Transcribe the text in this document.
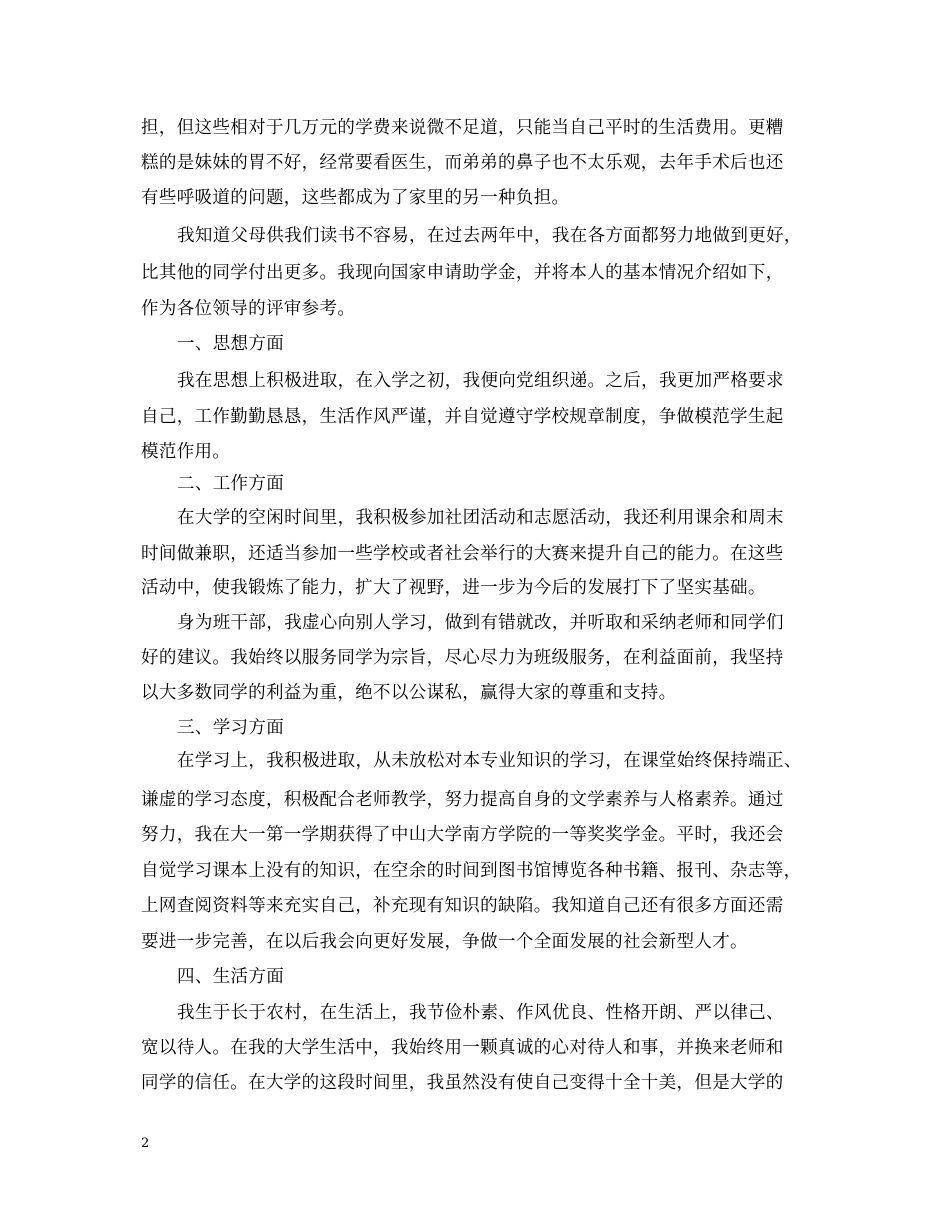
担，但这些相对于几万元的学费来说微不足道，只能当自己平时的生活费用。更糟
糕的是妹妹的胃不好，经常要看医生，而弟弟的鼻子也不太乐观，去年手术后也还
有些呼吸道的问题，这些都成为了家里的另一种负担。
我知道父母供我们读书不容易，在过去两年中，我在各方面都努力地做到更好，
比其他的同学付出更多。我现向国家申请助学金，并将本人的基本情况介绍如下，
作为各位领导的评审参考。
一、思想方面
我在思想上积极进取，在入学之初，我便向党组织递。之后，我更加严格要求
自己，工作勤勤恳恳，生活作风严谨，并自觉遵守学校规章制度，争做模范学生起
模范作用。
二、工作方面
在大学的空闲时间里，我积极参加社团活动和志愿活动，我还利用课余和周末
时间做兼职，还适当参加一些学校或者社会举行的大赛来提升自己的能力。在这些
活动中，使我锻炼了能力，扩大了视野，进一步为今后的发展打下了坚实基础。
身为班干部，我虚心向别人学习，做到有错就改，并听取和采纳老师和同学们
好的建议。我始终以服务同学为宗旨，尽心尽力为班级服务，在利益面前，我坚持
以大多数同学的利益为重，绝不以公谋私，赢得大家的尊重和支持。
三、学习方面
在学习上，我积极进取，从未放松对本专业知识的学习，在课堂始终保持端正、
谦虚的学习态度，积极配合老师教学，努力提高自身的文学素养与人格素养。通过
努力，我在大一第一学期获得了中山大学南方学院的一等奖奖学金。平时，我还会
自觉学习课本上没有的知识，在空余的时间到图书馆博览各种书籍、报刊、杂志等，
上网查阅资料等来充实自己，补充现有知识的缺陷。我知道自己还有很多方面还需
要进一步完善，在以后我会向更好发展，争做一个全面发展的社会新型人才。
四、生活方面
我生于长于农村，在生活上，我节俭朴素、作风优良、性格开朗、严以律己、
宽以待人。在我的大学生活中，我始终用一颗真诚的心对待人和事，并换来老师和
同学的信任。在大学的这段时间里，我虽然没有使自己变得十全十美，但是大学的
2
